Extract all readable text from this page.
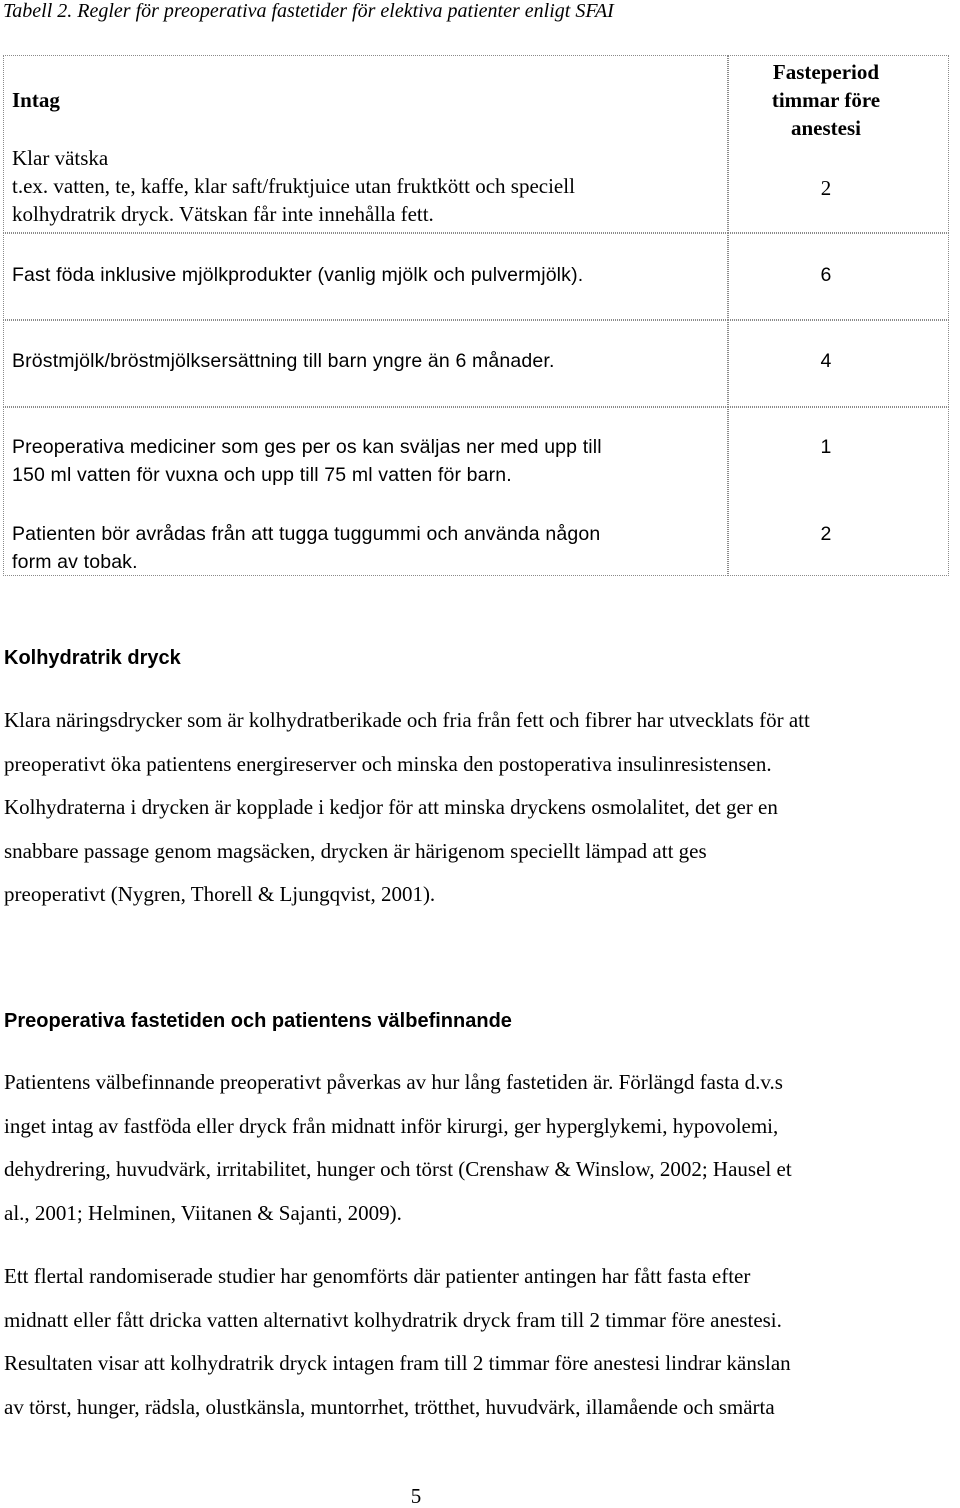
Tabell 2. Regler för preoperativa fastetider för elektiva patienter enligt SFAI
Intag
Fasteperiod
timmar före
anestesi
Klar vätska
t.ex. vatten, te, kaffe, klar saft/fruktjuice utan fruktkött och speciell
kolhydratrik dryck. Vätskan får inte innehålla fett.
2
Fast föda inklusive mjölkprodukter (vanlig mjölk och pulvermjölk).	6
Bröstmjölk/bröstmjölksersättning till barn yngre än 6 månader.	4
Preoperativa mediciner som ges per os kan sväljas ner med upp till
150 ml vatten för vuxna och upp till 75 ml vatten för barn.
1
Patienten bör avrådas från att tugga tuggummi och använda någon
form av tobak.
2
Kolhydratrik dryck
Klara näringsdrycker som är kolhydratberikade och fria från fett och fibrer har utvecklats för att
preoperativt öka patientens energireserver och minska den postoperativa insulinresistensen.
Kolhydraterna i drycken är kopplade i kedjor för att minska dryckens osmolalitet, det ger en
snabbare passage genom magsäcken, drycken är härigenom speciellt lämpad att ges
preoperativt (Nygren, Thorell & Ljungqvist, 2001).
Preoperativa fastetiden och patientens välbefinnande
Patientens välbefinnande preoperativt påverkas av hur lång fastetiden är. Förlängd fasta d.v.s
inget intag av fastföda eller dryck från midnatt inför kirurgi, ger hyperglykemi, hypovolemi,
dehydrering, huvudvärk, irritabilitet, hunger och törst (Crenshaw & Winslow, 2002; Hausel et
al., 2001; Helminen, Viitanen & Sajanti, 2009).
Ett flertal randomiserade studier har genomförts där patienter antingen har fått fasta efter
midnatt eller fått dricka vatten alternativt kolhydratrik dryck fram till 2 timmar före anestesi.
Resultaten visar att kolhydratrik dryck intagen fram till 2 timmar före anestesi lindrar känslan
av törst, hunger, rädsla, olustkänsla, muntorrhet, trötthet, huvudvärk, illamående och smärta
5
